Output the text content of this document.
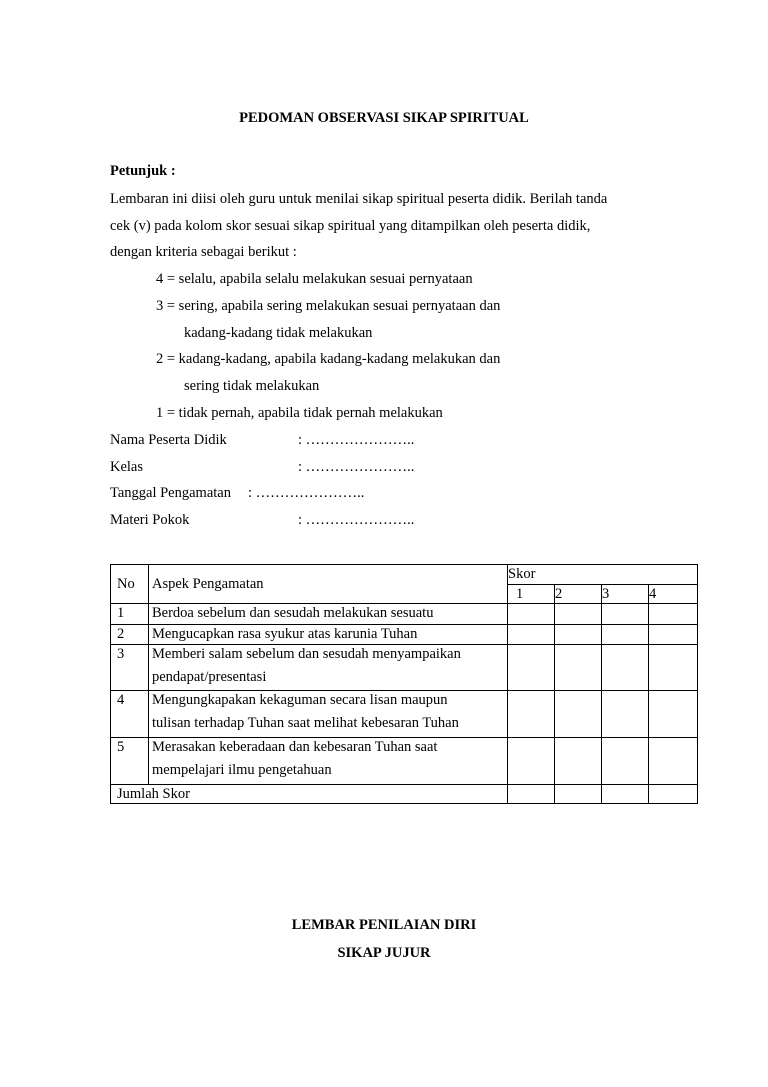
PEDOMAN OBSERVASI SIKAP SPIRITUAL
Petunjuk :
Lembaran ini diisi oleh guru untuk menilai sikap spiritual peserta didik. Berilah tanda
cek (v) pada kolom skor sesuai sikap spiritual yang ditampilkan oleh peserta didik,
dengan kriteria sebagai berikut :
4 = selalu, apabila selalu melakukan sesuai pernyataan
3 = sering, apabila sering melakukan sesuai pernyataan dan
kadang-kadang tidak melakukan
2 = kadang-kadang, apabila kadang-kadang melakukan dan
sering tidak melakukan
1 = tidak pernah, apabila tidak pernah melakukan
Nama Peserta Didik	: …………………..
Kelas	: …………………..
Tanggal Pengamatan : …………………..
Materi Pokok	: …………………..
No	Aspek Pengamatan	Skor			
		1	2	3	4
1	Berdoa sebelum dan sesudah melakukan sesuatu				
2	Mengucapkan rasa syukur atas karunia Tuhan				
3	Memberi salam sebelum dan sesudah menyampaikan
pendapat/presentasi				

4	Mengungkapakan kekaguman secara lisan maupun
tulisan terhadap Tuhan saat melihat kebesaran Tuhan				

5	Merasakan keberadaan dan kebesaran Tuhan saat
mempelajari ilmu pengetahuan				

Jumlah Skor					
LEMBAR PENILAIAN DIRI
SIKAP JUJUR
